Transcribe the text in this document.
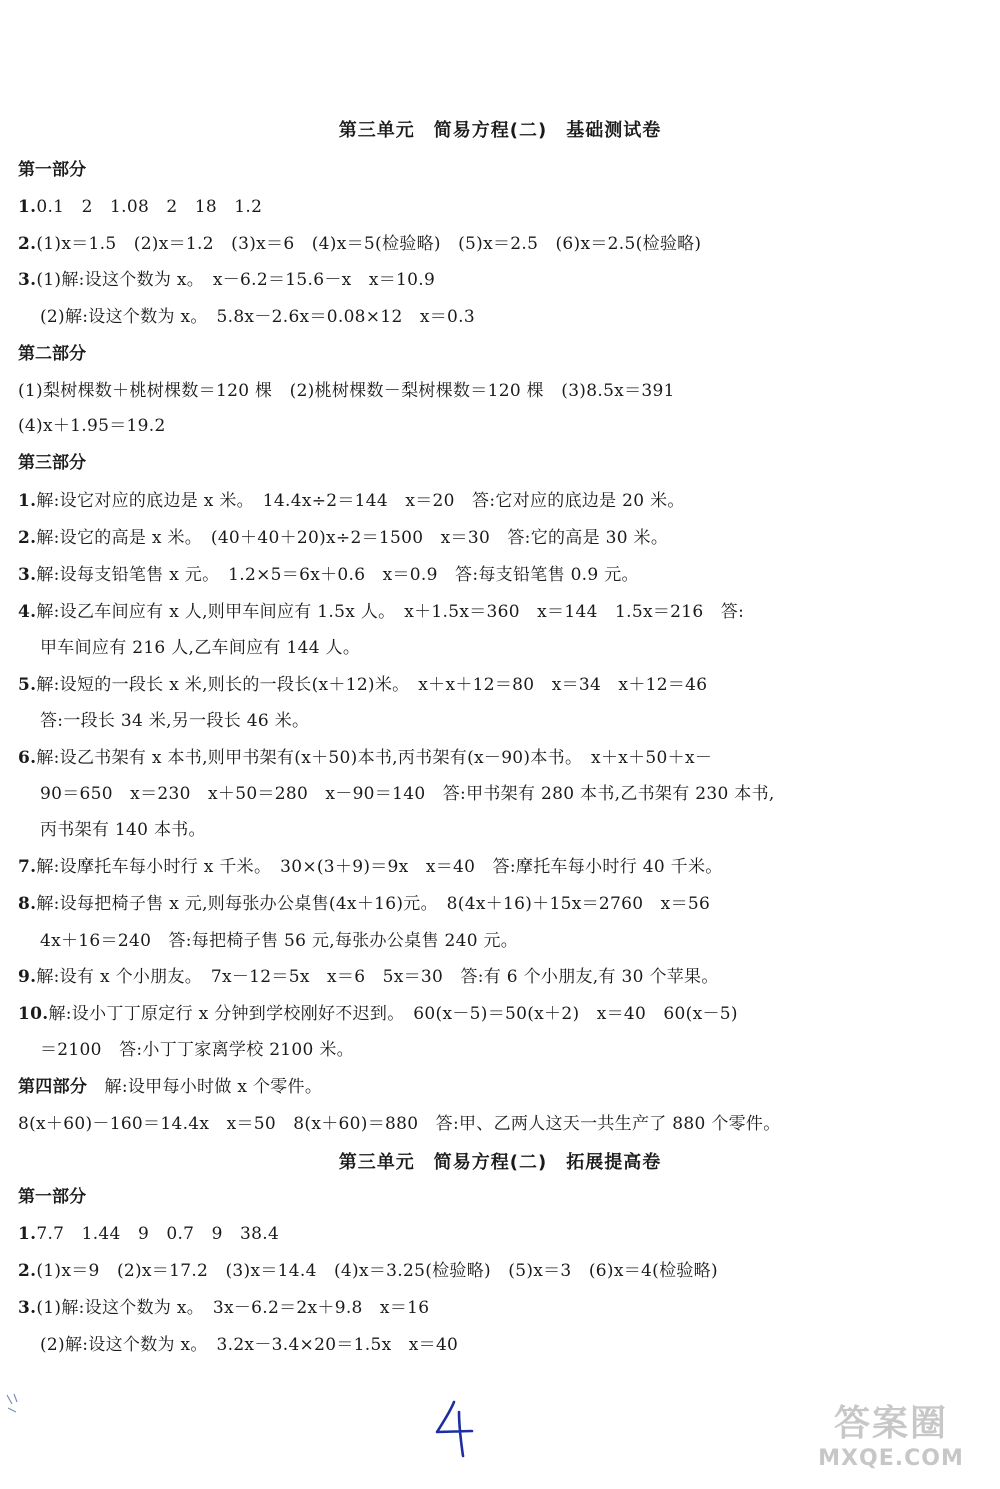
第三单元　简易方程(二)　基础测试卷
第一部分
1.0.1　2　1.08　2　18　1.2
2.(1)x＝1.5　(2)x＝1.2　(3)x＝6　(4)x＝5(检验略)　(5)x＝2.5　(6)x＝2.5(检验略)
3.(1)解:设这个数为 x。　x－6.2＝15.6－x　x＝10.9
(2)解:设这个数为 x。　5.8x－2.6x＝0.08×12　x＝0.3
第二部分
(1)梨树棵数＋桃树棵数＝120 棵　(2)桃树棵数－梨树棵数＝120 棵　(3)8.5x＝391
(4)x＋1.95＝19.2
第三部分
1.解:设它对应的底边是 x 米。　14.4x÷2＝144　x＝20　答:它对应的底边是 20 米。
2.解:设它的高是 x 米。　(40＋40＋20)x÷2＝1500　x＝30　答:它的高是 30 米。
3.解:设每支铅笔售 x 元。　1.2×5＝6x＋0.6　x＝0.9　答:每支铅笔售 0.9 元。
4.解:设乙车间应有 x 人,则甲车间应有 1.5x 人。　x＋1.5x＝360　x＝144　1.5x＝216　答:
甲车间应有 216 人,乙车间应有 144 人。
5.解:设短的一段长 x 米,则长的一段长(x＋12)米。　x＋x＋12＝80　x＝34　x＋12＝46
答:一段长 34 米,另一段长 46 米。
6.解:设乙书架有 x 本书,则甲书架有(x＋50)本书,丙书架有(x－90)本书。　x＋x＋50＋x－
90＝650　x＝230　x＋50＝280　x－90＝140　答:甲书架有 280 本书,乙书架有 230 本书,
丙书架有 140 本书。
7.解:设摩托车每小时行 x 千米。　30×(3＋9)＝9x　x＝40　答:摩托车每小时行 40 千米。
8.解:设每把椅子售 x 元,则每张办公桌售(4x＋16)元。　8(4x＋16)＋15x＝2760　x＝56
4x＋16＝240　答:每把椅子售 56 元,每张办公桌售 240 元。
9.解:设有 x 个小朋友。　7x－12＝5x　x＝6　5x＝30　答:有 6 个小朋友,有 30 个苹果。
10.解:设小丁丁原定行 x 分钟到学校刚好不迟到。　60(x－5)＝50(x＋2)　x＝40　60(x－5)
＝2100　答:小丁丁家离学校 2100 米。
第四部分　 解:设甲每小时做 x 个零件。
8(x＋60)－160＝14.4x　x＝50　8(x＋60)＝880　答:甲、乙两人这天一共生产了 880 个零件。
第三单元　简易方程(二)　拓展提高卷
第一部分
1.7.7　1.44　9　0.7　9　38.4
2.(1)x＝9　(2)x＝17.2　(3)x＝14.4　(4)x＝3.25(检验略)　(5)x＝3　(6)x＝4(检验略)
3.(1)解:设这个数为 x。　3x－6.2＝2x＋9.8　x＝16
(2)解:设这个数为 x。　3.2x－3.4×20＝1.5x　x＝40
答案圈
MXQE.COM
